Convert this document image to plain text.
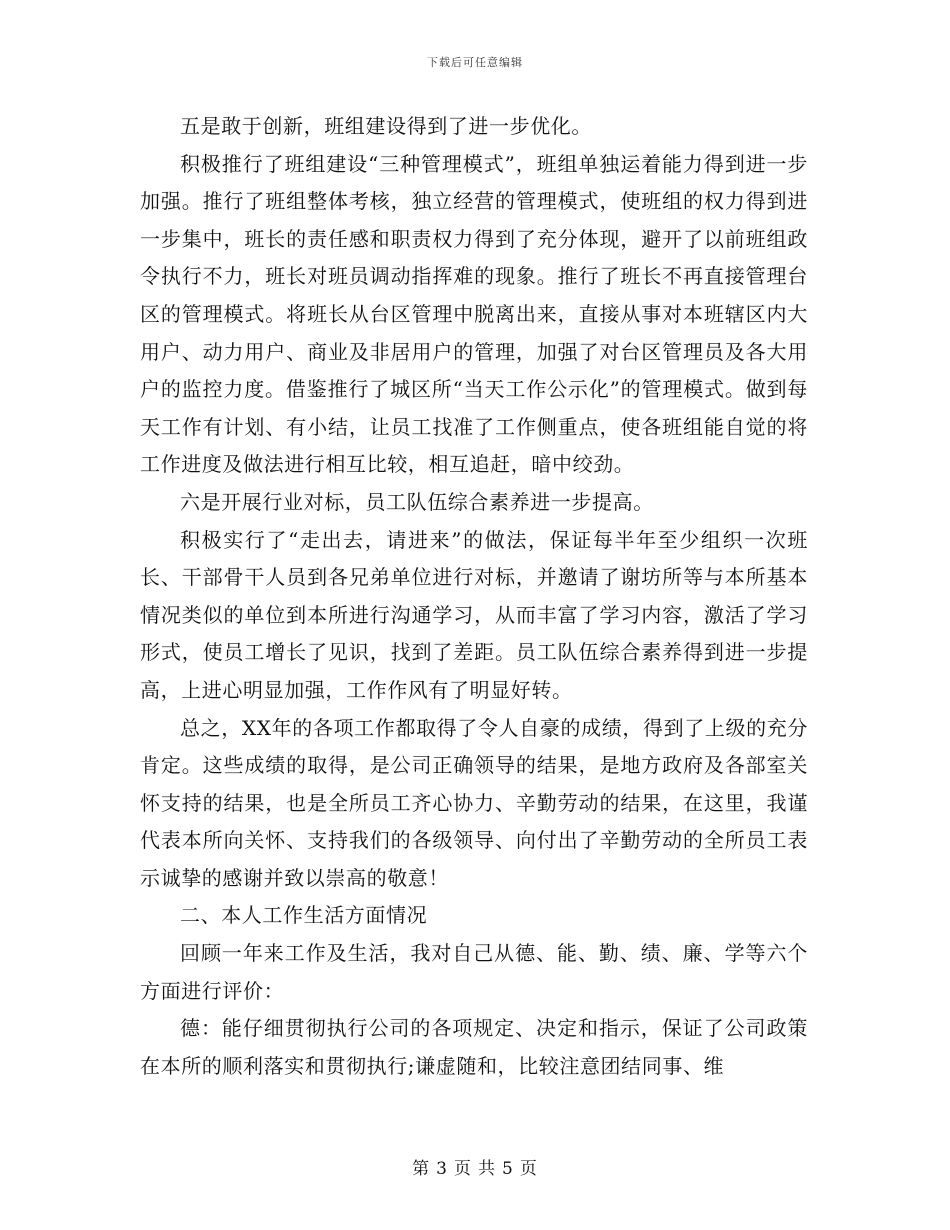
下载后可任意编辑

五是敢于创新，班组建设得到了进一步优化。

积极推行了班组建设“三种管理模式”，班组单独运着能力得到进一步加强。推行了班组整体考核，独立经营的管理模式，使班组的权力得到进一步集中，班长的责任感和职责权力得到了充分体现，避开了以前班组政令执行不力，班长对班员调动指挥难的现象。推行了班长不再直接管理台区的管理模式。将班长从台区管理中脱离出来，直接从事对本班辖区内大用户、动力用户、商业及非居用户的管理，加强了对台区管理员及各大用户的监控力度。借鉴推行了城区所“当天工作公示化”的管理模式。做到每天工作有计划、有小结，让员工找准了工作侧重点，使各班组能自觉的将工作进度及做法进行相互比较，相互追赶，暗中绞劲。

六是开展行业对标，员工队伍综合素养进一步提高。

积极实行了“走出去，请进来”的做法，保证每半年至少组织一次班长、干部骨干人员到各兄弟单位进行对标，并邀请了谢坊所等与本所基本情况类似的单位到本所进行沟通学习，从而丰富了学习内容，激活了学习形式，使员工增长了见识，找到了差距。员工队伍综合素养得到进一步提高，上进心明显加强，工作作风有了明显好转。

总之，XX年的各项工作都取得了令人自豪的成绩，得到了上级的充分肯定。这些成绩的取得，是公司正确领导的结果，是地方政府及各部室关怀支持的结果，也是全所员工齐心协力、辛勤劳动的结果，在这里，我谨代表本所向关怀、支持我们的各级领导、向付出了辛勤劳动的全所员工表示诚挚的感谢并致以崇高的敬意！

二、本人工作生活方面情况

回顾一年来工作及生活，我对自己从德、能、勤、绩、廉、学等六个方面进行评价：

德：能仔细贯彻执行公司的各项规定、决定和指示，保证了公司政策在本所的顺利落实和贯彻执行;谦虚随和，比较注意团结同事、维

第 3 页 共 5 页
